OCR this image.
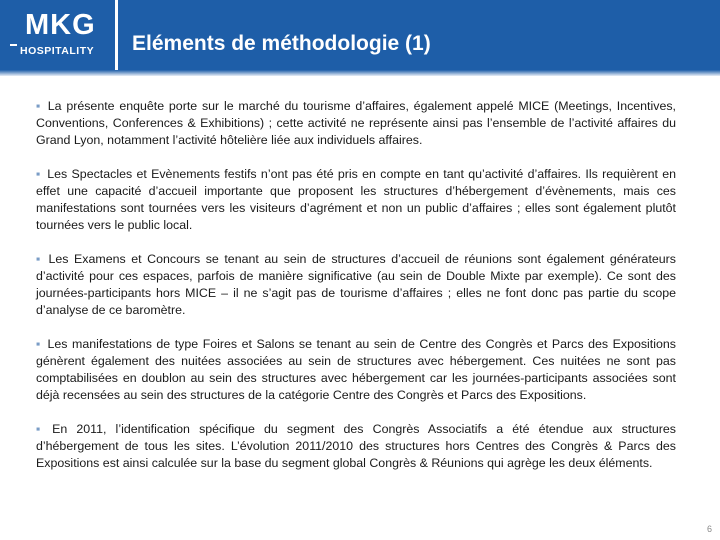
MKG
HOSPITALITY Eléments de méthodologie (1)

▪ La présente enquête porte sur le marché du tourisme d’affaires, également appelé MICE (Meetings, Incentives, Conventions, Conferences & Exhibitions) ; cette activité ne représente ainsi pas l’ensemble de l’activité affaires du Grand Lyon, notamment l’activité hôtelière liée aux individuels affaires.

▪ Les Spectacles et Evènements festifs n’ont pas été pris en compte en tant qu’activité d’affaires. Ils requièrent en effet une capacité d’accueil importante que proposent les structures d’hébergement d’évènements, mais ces manifestations sont tournées vers les visiteurs d’agrément et non un public d’affaires ; elles sont également plutôt tournées vers le public local.

▪ Les Examens et Concours se tenant au sein de structures d’accueil de réunions sont également générateurs d’activité pour ces espaces, parfois de manière significative (au sein de Double Mixte par exemple). Ce sont des journées-participants hors MICE – il ne s’agit pas de tourisme d’affaires ; elles ne font donc pas partie du scope d’analyse de ce baromètre.

▪ Les manifestations de type Foires et Salons se tenant au sein de Centre des Congrès et Parcs des Expositions génèrent également des nuitées associées au sein de structures avec hébergement. Ces nuitées ne sont pas comptabilisées en doublon au sein des structures avec hébergement car les journées-participants associées sont déjà recensées au sein des structures de la catégorie Centre des Congrès et Parcs des Expositions.

▪ En 2011, l’identification spécifique du segment des Congrès Associatifs a été étendue aux structures d’hébergement de tous les sites. L’évolution 2011/2010 des structures hors Centres des Congrès & Parcs des Expositions est ainsi calculée sur la base du segment global Congrès & Réunions qui agrège les deux éléments.

6
